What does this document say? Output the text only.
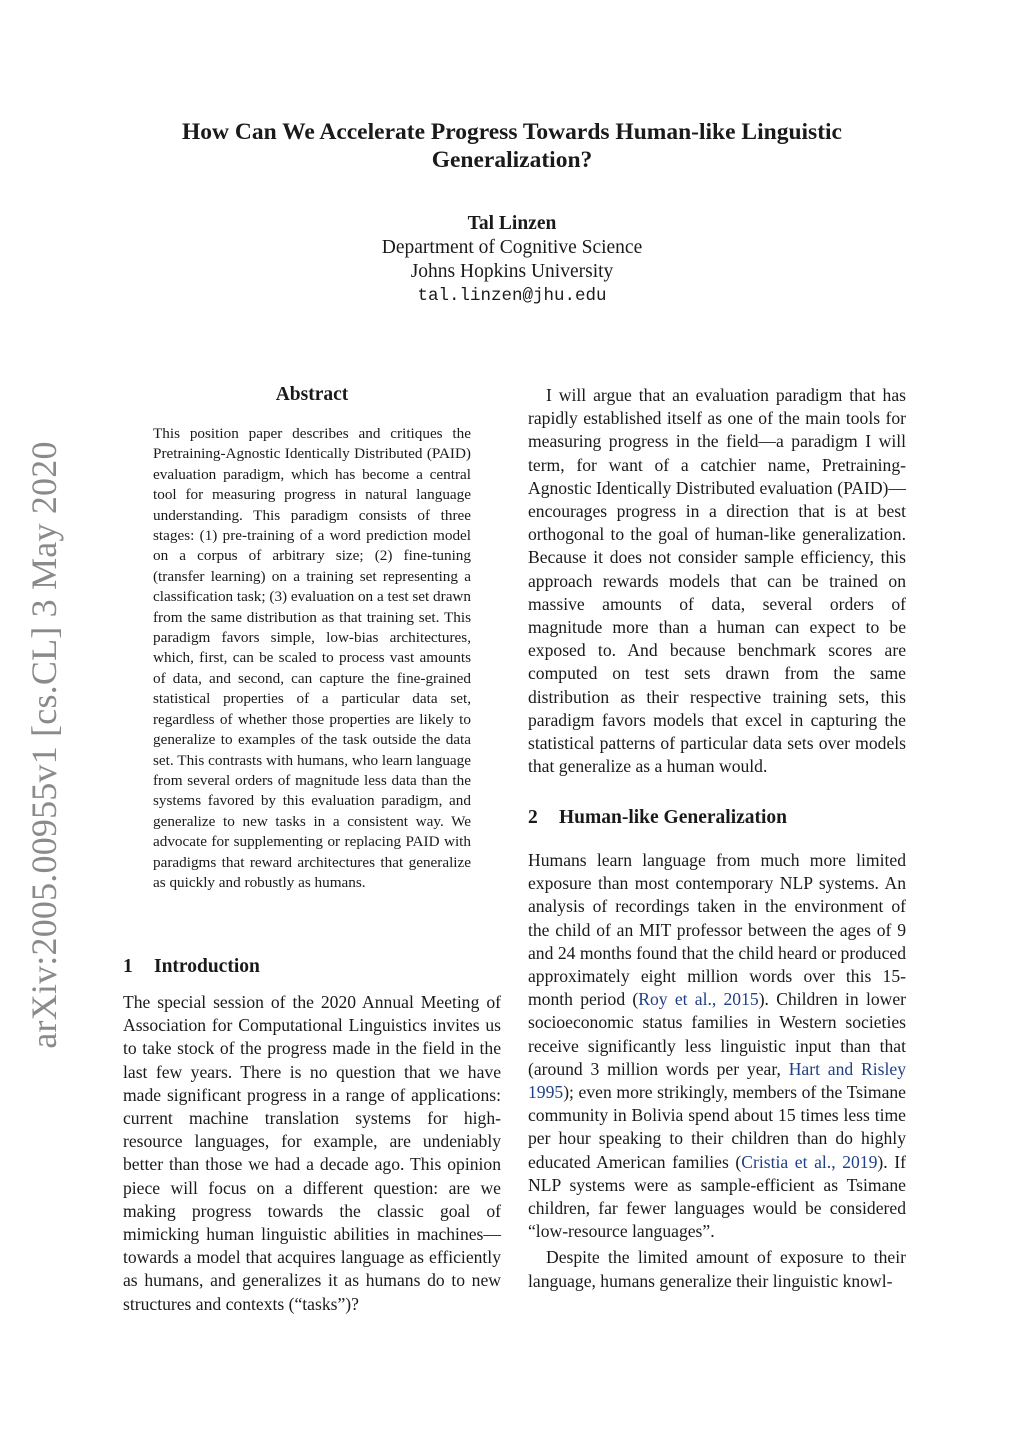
How Can We Accelerate Progress Towards Human-like Linguistic Generalization?
Tal Linzen
Department of Cognitive Science
Johns Hopkins University
tal.linzen@jhu.edu
arXiv:2005.00955v1 [cs.CL] 3 May 2020
Abstract

This position paper describes and critiques the Pretraining-Agnostic Identically Distributed (PAID) evaluation paradigm, which has become a central tool for measuring progress in natural language understanding. This paradigm consists of three stages: (1) pre-training of a word prediction model on a corpus of arbitrary size; (2) fine-tuning (transfer learning) on a training set representing a classification task; (3) evaluation on a test set drawn from the same distribution as that training set. This paradigm favors simple, low-bias architectures, which, first, can be scaled to process vast amounts of data, and second, can capture the fine-grained statistical properties of a particular data set, regardless of whether those properties are likely to generalize to examples of the task outside the data set. This contrasts with humans, who learn language from several orders of magnitude less data than the systems favored by this evaluation paradigm, and generalize to new tasks in a consistent way. We advocate for supplementing or replacing PAID with paradigms that reward architectures that generalize as quickly and robustly as humans.

1 Introduction

The special session of the 2020 Annual Meeting of Association for Computational Linguistics invites us to take stock of the progress made in the field in the last few years. There is no question that we have made significant progress in a range of applications: current machine translation systems for high-resource languages, for example, are undeniably better than those we had a decade ago. This opinion piece will focus on a different question: are we making progress towards the classic goal of mimicking human linguistic abilities in machines—towards a model that acquires language as efficiently as humans, and generalizes it as humans do to new structures and contexts (“tasks”)?

I will argue that an evaluation paradigm that has rapidly established itself as one of the main tools for measuring progress in the field—a paradigm I will term, for want of a catchier name, Pretraining-Agnostic Identically Distributed evaluation (PAID)—encourages progress in a direction that is at best orthogonal to the goal of human-like generalization. Because it does not consider sample efficiency, this approach rewards models that can be trained on massive amounts of data, several orders of magnitude more than a human can expect to be exposed to. And because benchmark scores are computed on test sets drawn from the same distribution as their respective training sets, this paradigm favors models that excel in capturing the statistical patterns of particular data sets over models that generalize as a human would.

2 Human-like Generalization

Humans learn language from much more limited exposure than most contemporary NLP systems. An analysis of recordings taken in the environment of the child of an MIT professor between the ages of 9 and 24 months found that the child heard or produced approximately eight million words over this 15-month period (Roy et al., 2015). Children in lower socioeconomic status families in Western societies receive significantly less linguistic input than that (around 3 million words per year, Hart and Risley 1995); even more strikingly, members of the Tsimane community in Bolivia spend about 15 times less time per hour speaking to their children than do highly educated American families (Cristia et al., 2019). If NLP systems were as sample-efficient as Tsimane children, far fewer languages would be considered “low-resource languages”.

Despite the limited amount of exposure to their language, humans generalize their linguistic knowl-
